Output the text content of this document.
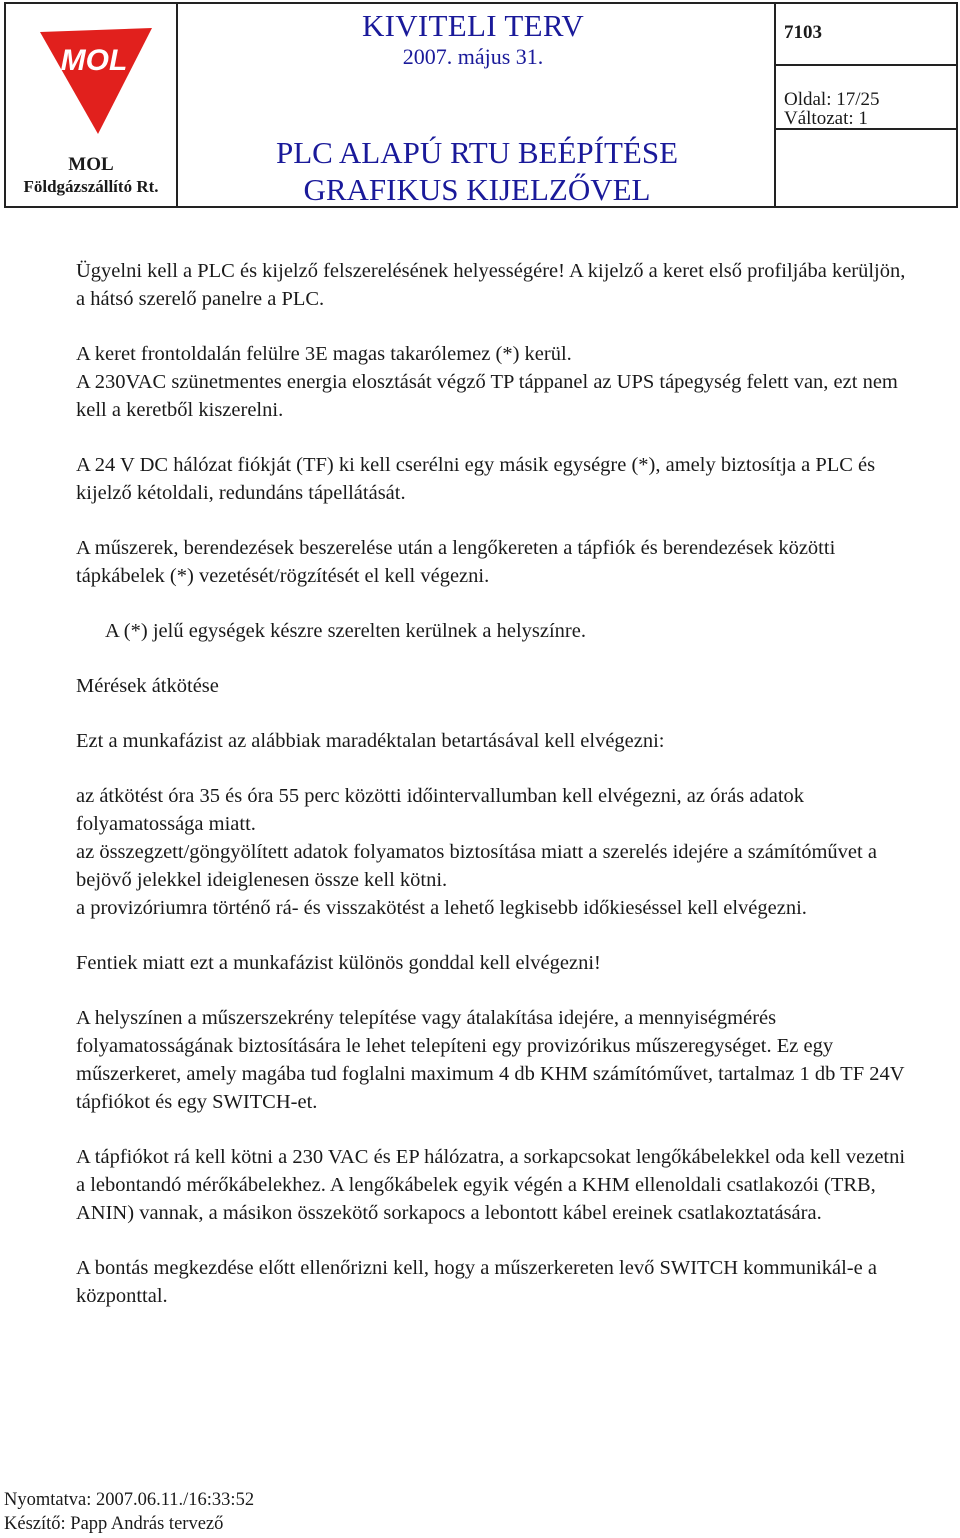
MOL
MOL
Földgázszállító Rt.
KIVITELI TERV
2007. május 31.
PLC ALAPÚ RTU BEÉPÍTÉSE
GRAFIKUS KIJELZŐVEL
7103

Oldal: 17/25
Változat: 1

Ügyelni kell a PLC és kijelző felszerelésének helyességére! A kijelző a keret első profiljába kerüljön, a hátsó szerelő panelre a PLC.

A keret frontoldalán felülre 3E magas takarólemez (*) kerül.

A 230VAC szünetmentes energia elosztását végző TP táppanel az UPS tápegység felett van, ezt nem kell a keretből kiszerelni.

A 24 V DC hálózat fiókját (TF) ki kell cserélni egy másik egységre (*), amely biztosítja a PLC és kijelző kétoldali, redundáns tápellátását.

A műszerek, berendezések beszerelése után a lengőkereten a tápfiók és berendezések közötti tápkábelek (*) vezetését/rögzítését el kell végezni.

A (*) jelű egységek készre szerelten kerülnek a helyszínre.

Mérések átkötése

Ezt a munkafázist az alábbiak maradéktalan betartásával kell elvégezni:

az átkötést óra 35 és óra 55 perc közötti időintervallumban kell elvégezni, az órás adatok folyamatossága miatt.

az összegzett/göngyölített adatok folyamatos biztosítása miatt a szerelés idejére a számítóművet a bejövő jelekkel ideiglenesen össze kell kötni.

a provizóriumra történő rá- és visszakötést a lehető legkisebb időkieséssel kell elvégezni.

Fentiek miatt ezt a munkafázist különös gonddal kell elvégezni!

A helyszínen a műszerszekrény telepítése vagy átalakítása idejére, a mennyiségmérés folyamatosságának biztosítására le lehet telepíteni egy provizórikus műszeregységet. Ez egy műszerkeret, amely magába tud foglalni maximum 4 db KHM számítóművet, tartalmaz 1 db TF 24V tápfiókot és egy SWITCH-et.

A tápfiókot rá kell kötni a 230 VAC és EP hálózatra, a sorkapcsokat lengőkábelekkel oda kell vezetni a lebontandó mérőkábelekhez. A lengőkábelek egyik végén a KHM ellenoldali csatlakozói (TRB, ANIN) vannak, a másikon összekötő sorkapocs a lebontott kábel ereinek csatlakoztatására.

A bontás megkezdése előtt ellenőrizni kell, hogy a műszerkereten levő SWITCH kommunikál-e a központtal.

Nyomtatva: 2007.06.11./16:33:52
Készítő: Papp András tervező
